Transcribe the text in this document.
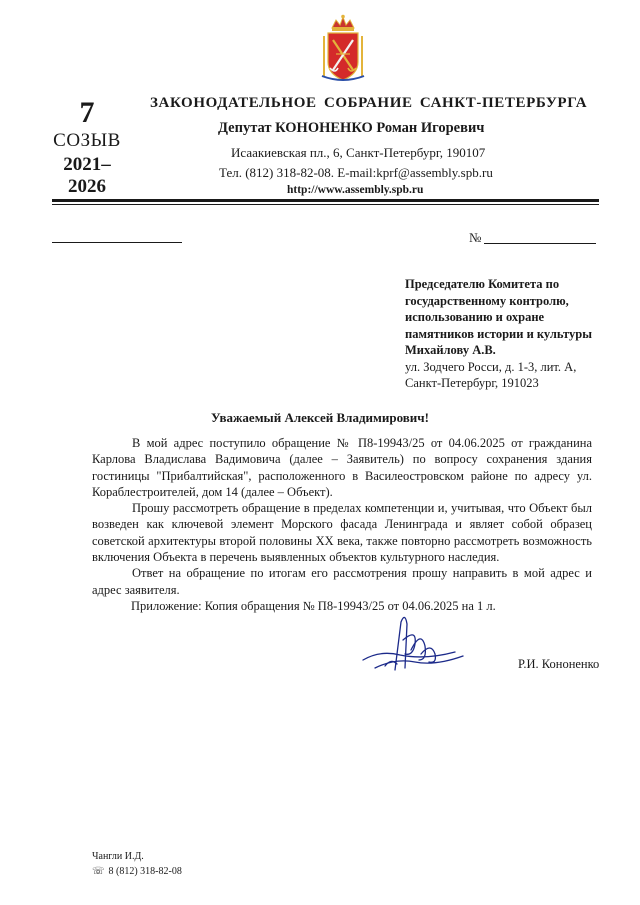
7
СОЗЫВ
2021–
2026
ЗАКОНОДАТЕЛЬНОЕ СОБРАНИЕ САНКТ-ПЕТЕРБУРГА
Депутат КОНОНЕНКО Роман Игоревич
Исаакиевская пл., 6, Санкт-Петербург, 190107
Тел. (812) 318-82-08. E-mail:kprf@assembly.spb.ru
http://www.assembly.spb.ru
№
Председателю Комитета по
государственному контролю,
использованию и охране
памятников истории и культуры
Михайлову А.В.
ул. Зодчего Росси, д. 1-3, лит. А,
Санкт-Петербург, 191023
Уважаемый Алексей Владимирович!

В мой адрес поступило обращение № П8-19943/25 от 04.06.2025 от гражданина Карлова Владислава Вадимовича (далее – Заявитель) по вопросу сохранения здания гостиницы "Прибалтийская", расположенного в Василеостровском районе по адресу ул. Кораблестроителей, дом 14 (далее – Объект).

Прошу рассмотреть обращение в пределах компетенции и, учитывая, что Объект был возведен как ключевой элемент Морского фасада Ленинграда и являет собой образец советской архитектуры второй половины XX века, также повторно рассмотреть возможность включения Объекта в перечень выявленных объектов культурного наследия.

Ответ на обращение по итогам его рассмотрения прошу направить в мой адрес и адрес заявителя.

Приложение: Копия обращения № П8-19943/25 от 04.06.2025 на 1 л.
Р.И. Кононенко
Чангли И.Д.
☏ 8 (812) 318-82-08
